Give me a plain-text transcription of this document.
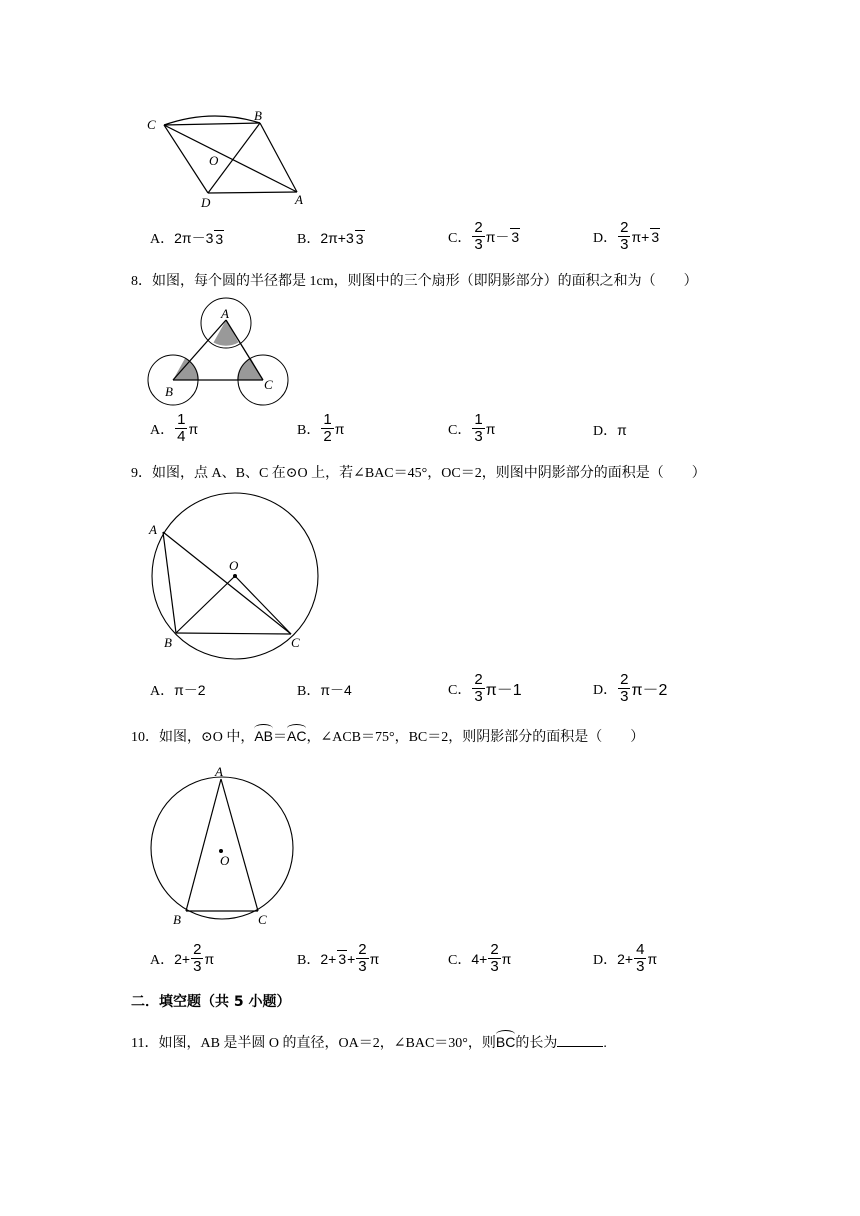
C
B
O
D	A
A． 2π－3 3	B． 2π+3 3	C． $\frac{2}{3} \pi- 3$	D． $\frac{2}{3} \pi+ 3$
8．如图，每个圆的半径都是 1cm，则图中的三个扇形（即阴影部分）的面积之和为（　　）
A
B	C
A． $\frac{1}{4}$ π	B． $\frac{1}{2}$ π	C． $\frac{1}{3}$ π	D． π
9．如图，点 A、B、C 在⊙O 上，若∠BAC＝45°，OC＝2，则图中阴影部分的面积是（　　）
A
O
B	C
A． π－2	B． π－4	C． $\frac{2}{3} \pi-1$	D． $\frac{2}{3} \pi-2$
10．如图，⊙O 中，AB＝AC，∠ACB＝75°，BC＝2，则阴影部分的面积是（　　）
A
O
B	C
A． $2+ \frac{2}{3}$ π	B． $2+ 3 + \frac{2}{3}$ π	C． $4+ \frac{2}{3}$ π	D． $2+ \frac{4}{3}$ π
二．填空题（共 5 小题）
11．如图，AB 是半圆 O 的直径，OA＝2，∠BAC＝30°，则BC的长为	.
